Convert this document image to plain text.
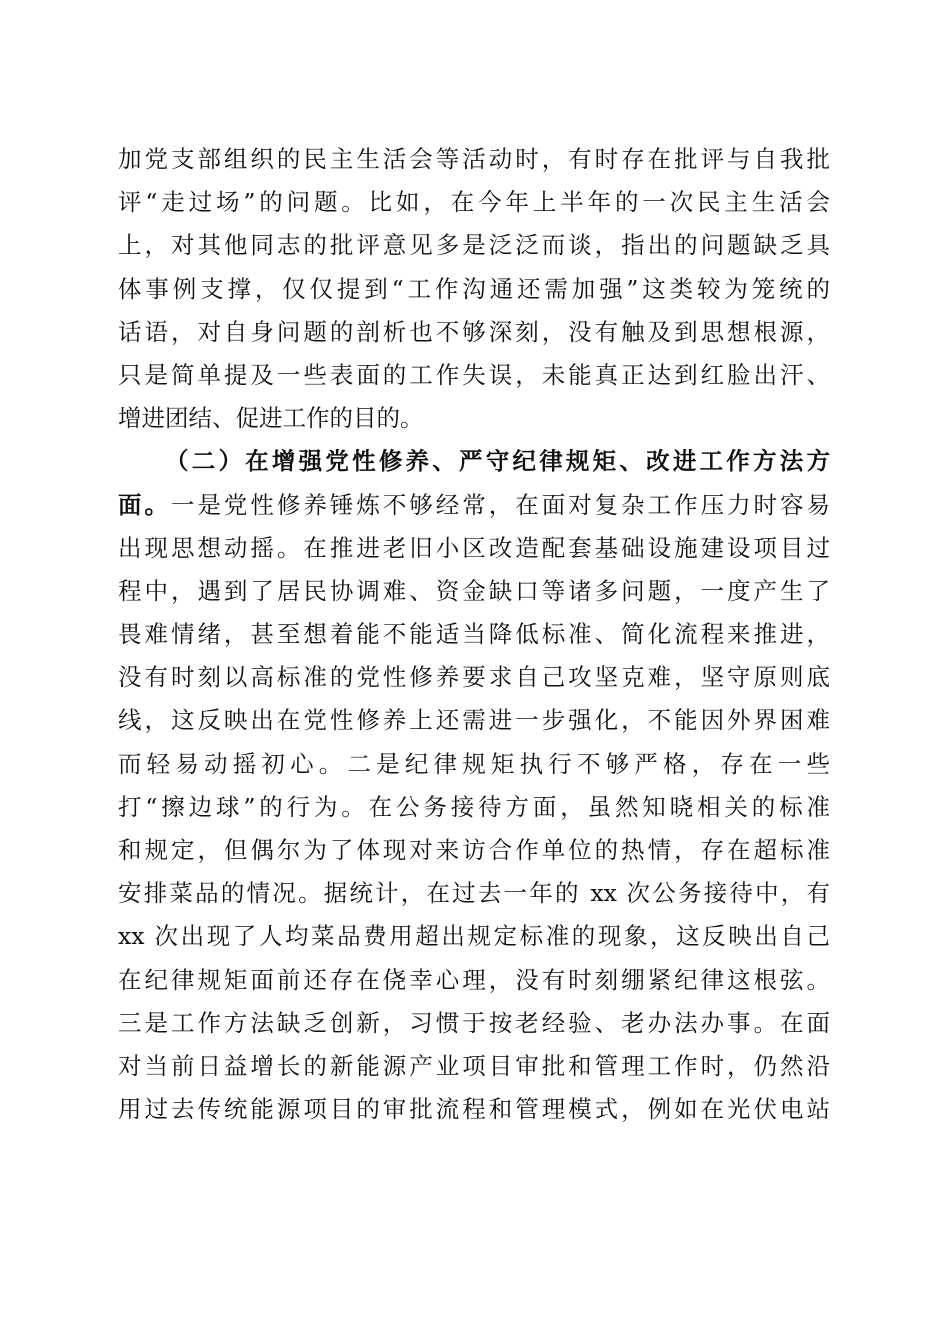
加党支部组织的民主生活会等活动时，有时存在批评与自我批
评“走过场”的问题。比如，在今年上半年的一次民主生活会
上，对其他同志的批评意见多是泛泛而谈，指出的问题缺乏具
体事例支撑，仅仅提到“工作沟通还需加强”这类较为笼统的
话语，对自身问题的剖析也不够深刻，没有触及到思想根源，
只是简单提及一些表面的工作失误，未能真正达到红脸出汗、
增进团结、促进工作的目的。
（二）在增强党性修养、严守纪律规矩、改进工作方法方
面。一是党性修养锤炼不够经常，在面对复杂工作压力时容易
出现思想动摇。在推进老旧小区改造配套基础设施建设项目过
程中，遇到了居民协调难、资金缺口等诸多问题，一度产生了
畏难情绪，甚至想着能不能适当降低标准、简化流程来推进，
没有时刻以高标准的党性修养要求自己攻坚克难，坚守原则底
线，这反映出在党性修养上还需进一步强化，不能因外界困难
而轻易动摇初心。二是纪律规矩执行不够严格，存在一些
打“擦边球”的行为。在公务接待方面，虽然知晓相关的标准
和规定，但偶尔为了体现对来访合作单位的热情，存在超标准
安排菜品的情况。据统计，在过去一年的 xx 次公务接待中，有
xx 次出现了人均菜品费用超出规定标准的现象，这反映出自己
在纪律规矩面前还存在侥幸心理，没有时刻绷紧纪律这根弦。
三是工作方法缺乏创新，习惯于按老经验、老办法办事。在面
对当前日益增长的新能源产业项目审批和管理工作时，仍然沿
用过去传统能源项目的审批流程和管理模式，例如在光伏电站
